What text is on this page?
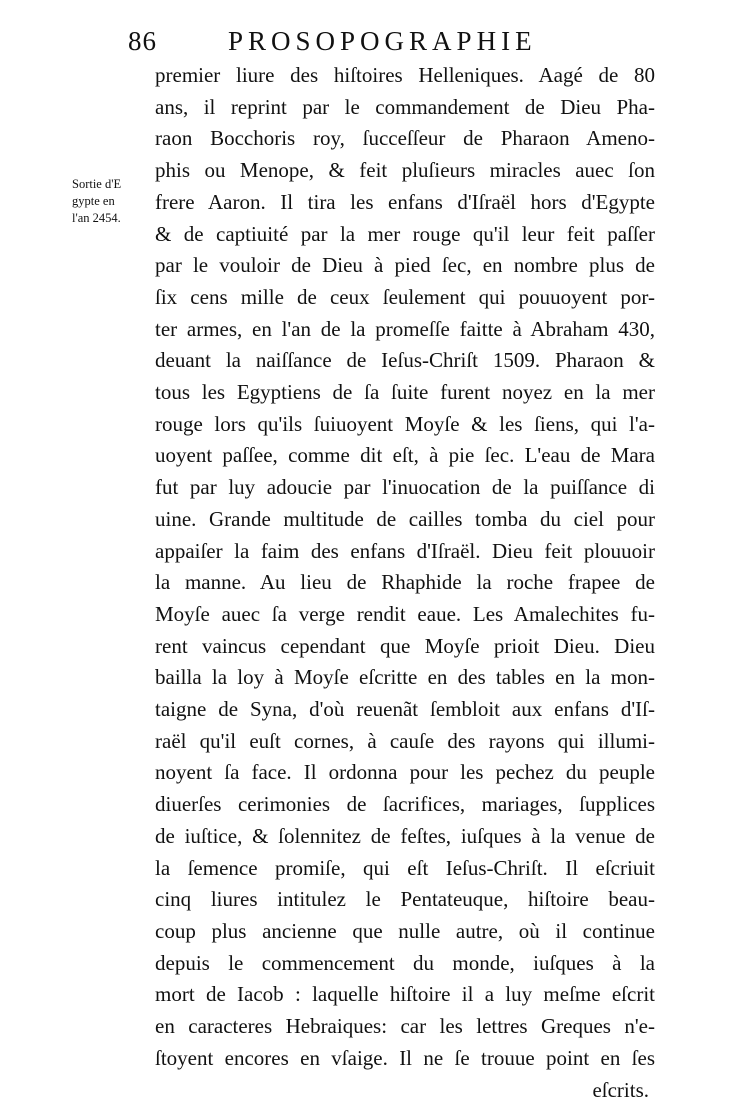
86	PROSOPOGRAPHIE
Sortie d'E
gypte en
l'an 2454.
premier liure des hiſtoires Helleniques. Aagé de 80
ans, il reprint par le commandement de Dieu Pha-
raon Bocchoris roy, ſucceſſeur de Pharaon Ameno-
phis ou Menope, & feit pluſieurs miracles auec ſon
frere Aaron. Il tira les enfans d'Iſraël hors d'Egypte
& de captiuité par la mer rouge qu'il leur feit paſſer
par le vouloir de Dieu à pied ſec, en nombre plus de
ſix cens mille de ceux ſeulement qui pouuoyent por-
ter armes, en l'an de la promeſſe faitte à Abraham 430,
deuant la naiſſance de Ieſus-Chriſt 1509. Pharaon &
tous les Egyptiens de ſa ſuite furent noyez en la mer
rouge lors qu'ils ſuiuoyent Moyſe & les ſiens, qui l'a-
uoyent paſſee, comme dit eſt, à pie ſec. L'eau de Mara
fut par luy adoucie par l'inuocation de la puiſſance di
uine. Grande multitude de cailles tomba du ciel pour
appaiſer la faim des enfans d'Iſraël. Dieu feit plouuoir
la manne. Au lieu de Rhaphide la roche frapee de
Moyſe auec ſa verge rendit eaue. Les Amalechites fu-
rent vaincus cependant que Moyſe prioit Dieu. Dieu
bailla la loy à Moyſe eſcritte en des tables en la mon-
taigne de Syna, d'où reuenãt ſembloit aux enfans d'Iſ-
raël qu'il euſt cornes, à cauſe des rayons qui illumi-
noyent ſa face. Il ordonna pour les pechez du peuple
diuerſes cerimonies de ſacrifices, mariages, ſupplices
de iuſtice, & ſolennitez de feſtes, iuſques à la venue de
la ſemence promiſe, qui eſt Ieſus-Chriſt. Il eſcriuit
cinq liures intitulez le Pentateuque, hiſtoire beau-
coup plus ancienne que nulle autre, où il continue
depuis le commencement du monde, iuſques à la
mort de Iacob : laquelle hiſtoire il a luy meſme eſcrit
en caracteres Hebraiques: car les lettres Greques n'e-
ſtoyent encores en vſaige. Il ne ſe trouue point en ſes
eſcrits.
